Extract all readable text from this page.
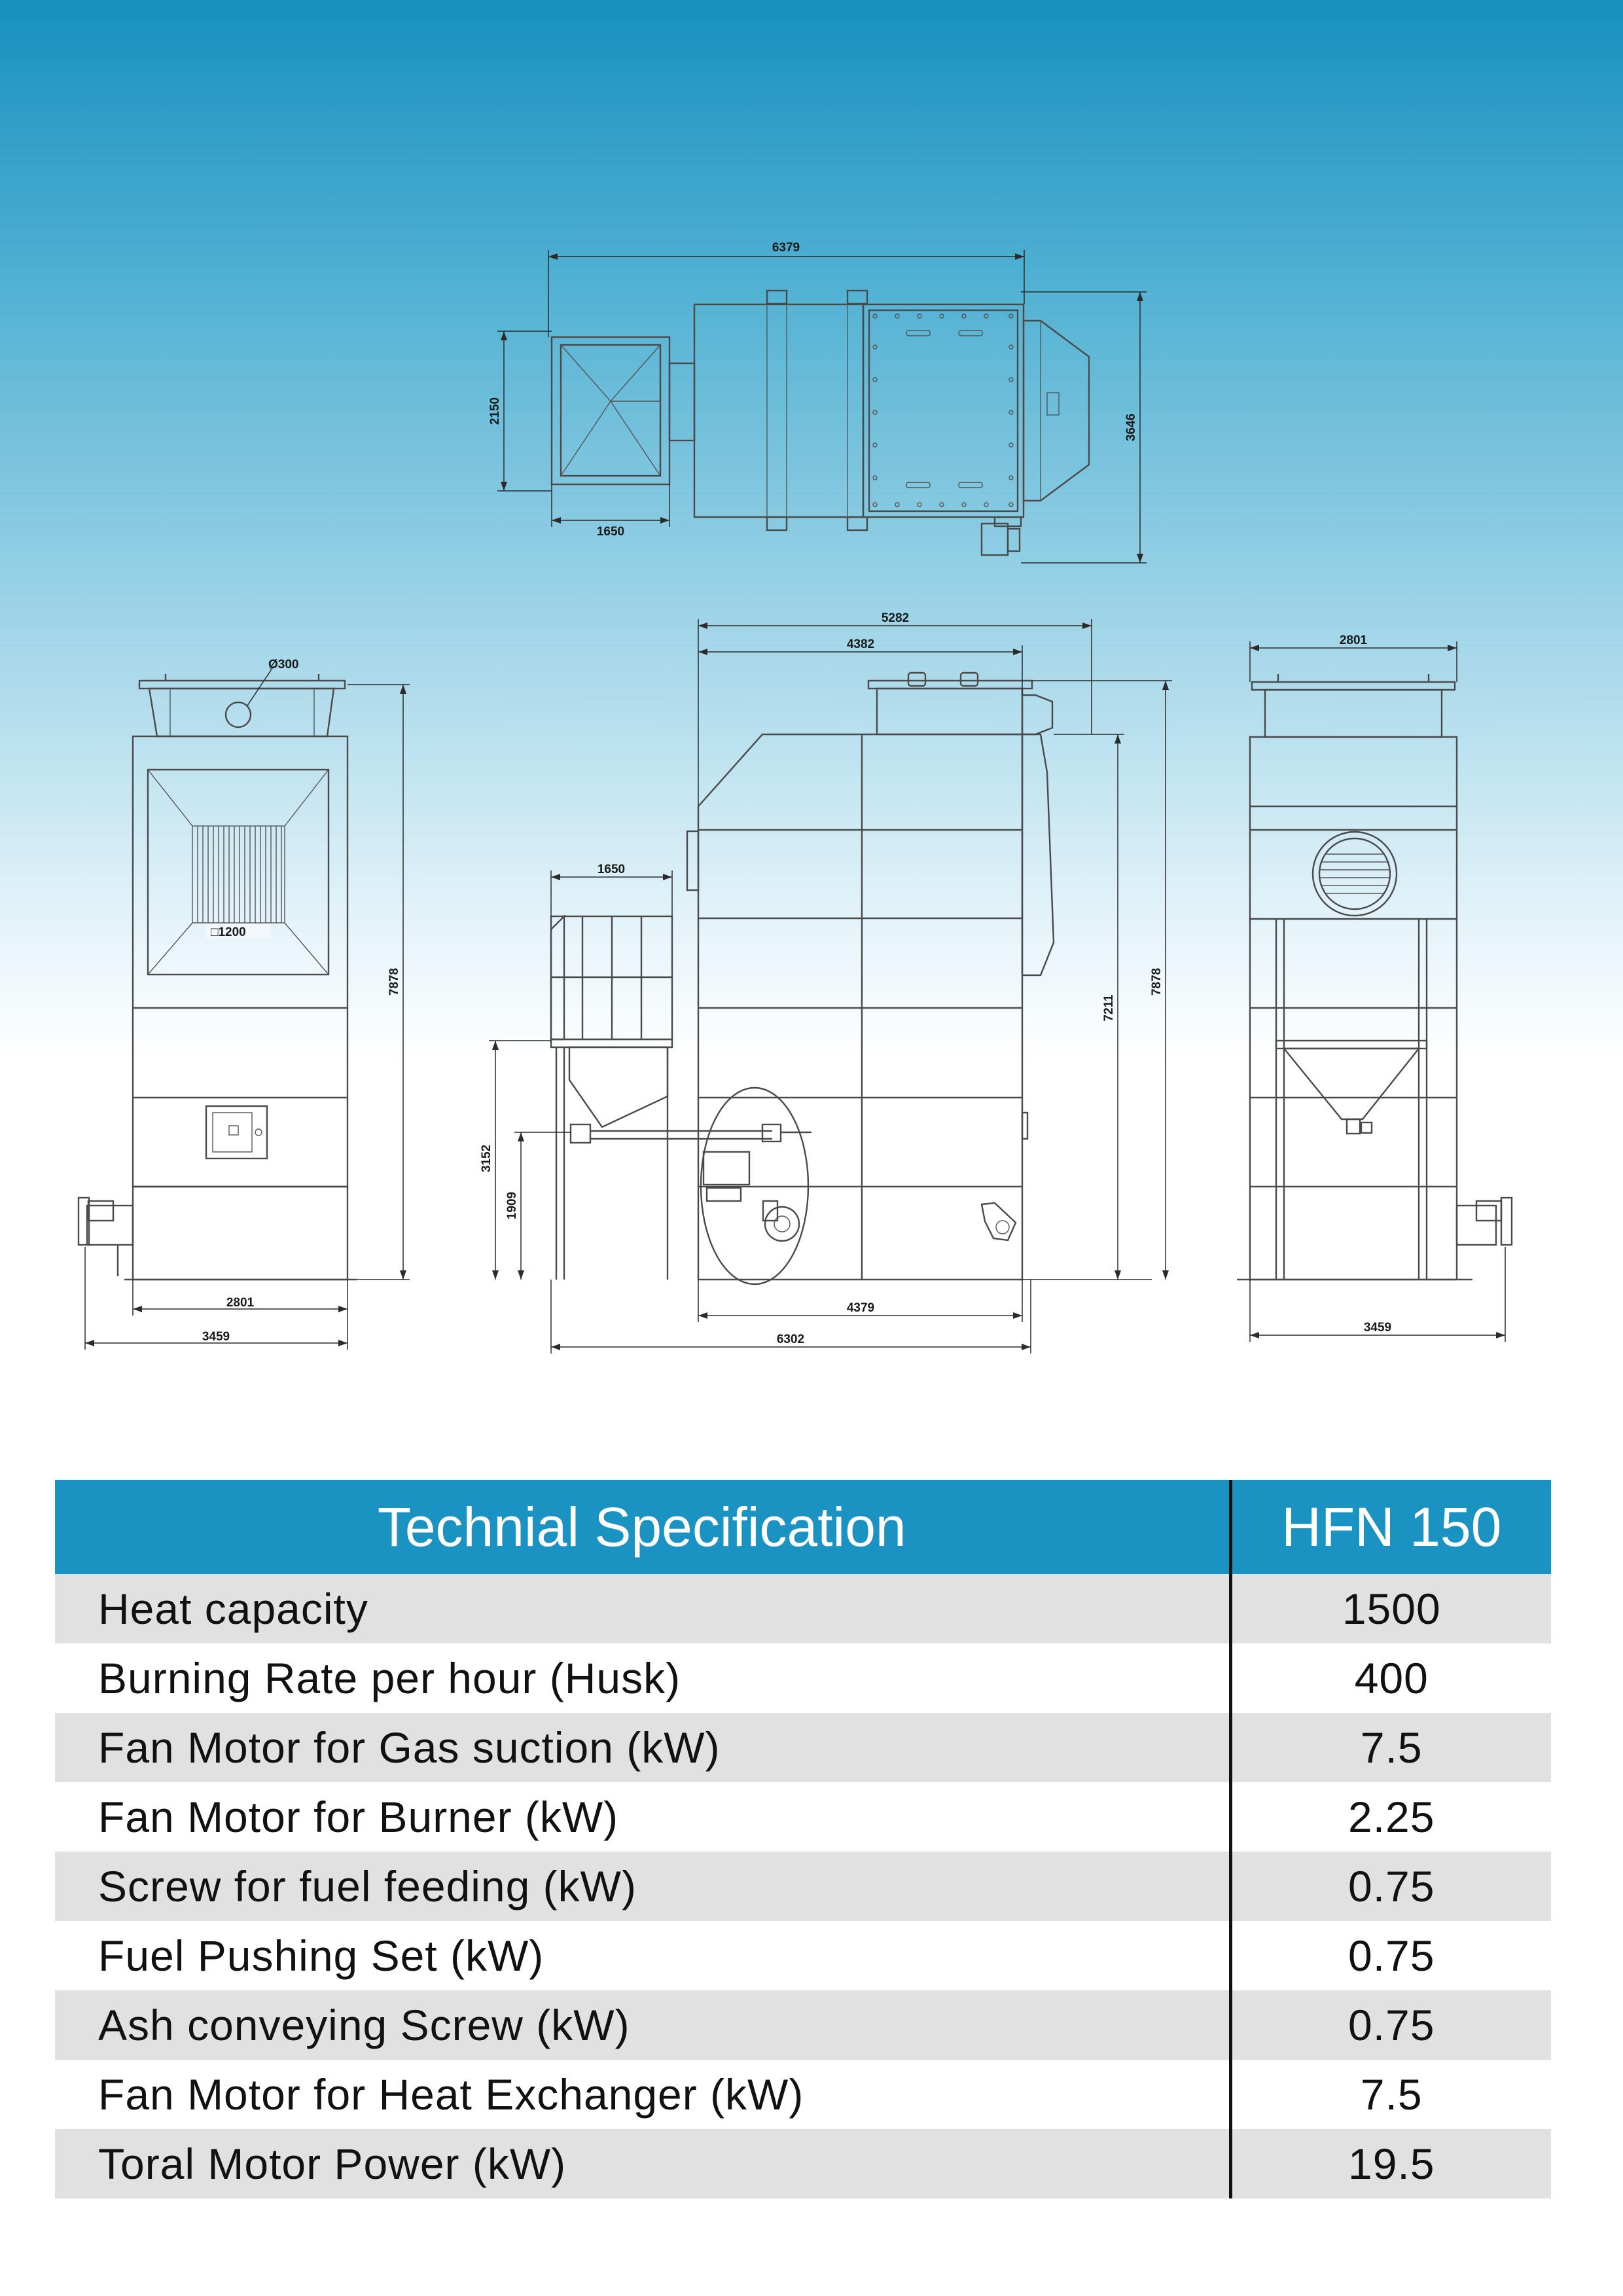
6379
2150
1650
3646
Ø300
□1200
2801
3459
7878
5282
4382
1650
3152
1909
4379
6302
7211
7878
2801
3459
Technial Specification	HFN 150
Heat capacity	1500
Burning Rate per hour (Husk)	400
Fan Motor for Gas suction (kW)	7.5
Fan Motor for Burner (kW)	2.25
Screw for fuel feeding (kW)	0.75
Fuel Pushing Set (kW)	0.75
Ash conveying Screw (kW)	0.75
Fan Motor for Heat Exchanger (kW)	7.5
Toral Motor Power (kW)	19.5
